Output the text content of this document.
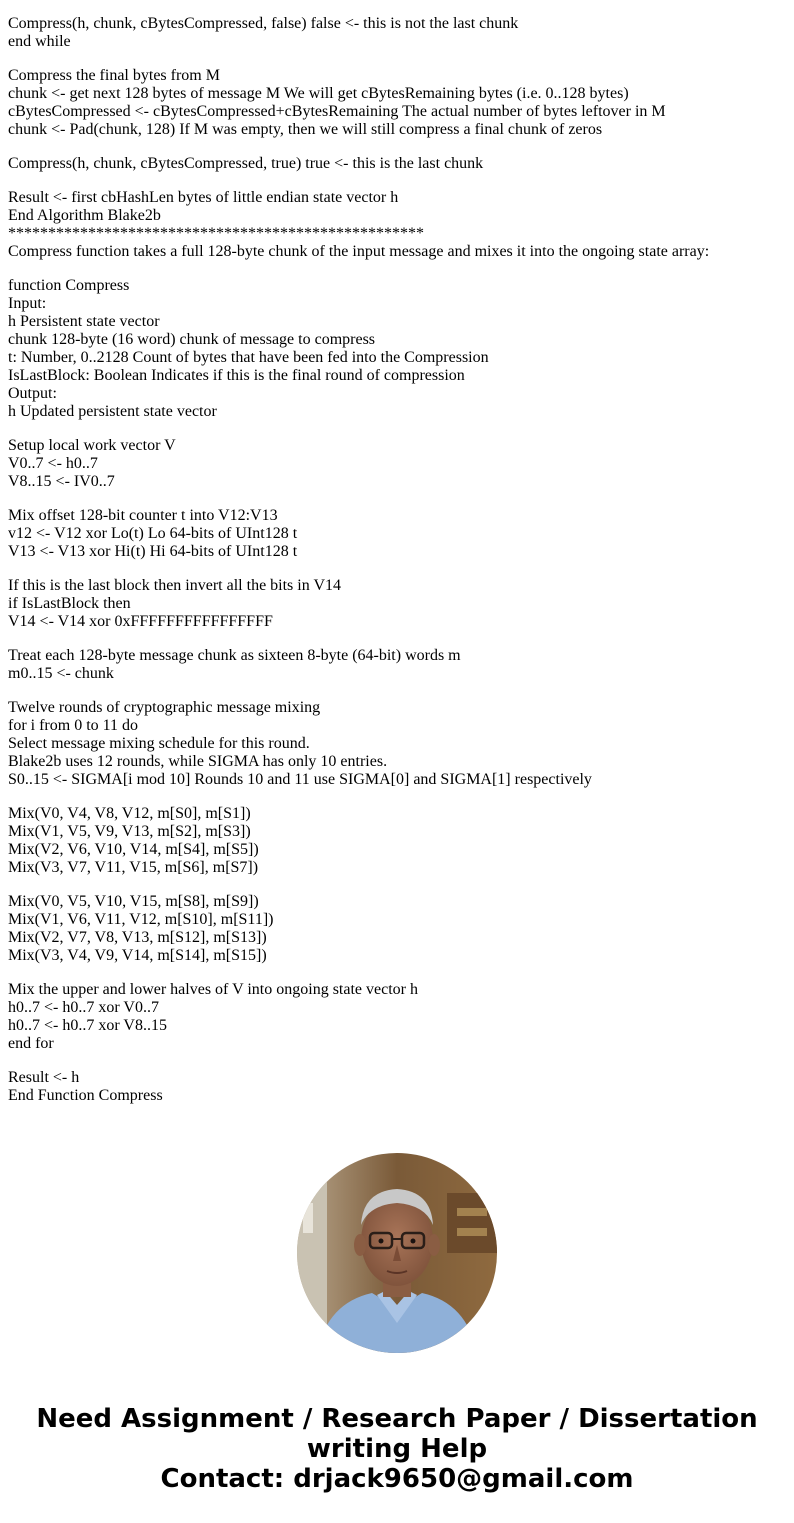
Compress(h, chunk, cBytesCompressed, false) false <- this is not the last chunk
end while
Compress the final bytes from M
chunk <- get next 128 bytes of message M We will get cBytesRemaining bytes (i.e. 0..128 bytes)
cBytesCompressed <- cBytesCompressed+cBytesRemaining The actual number of bytes leftover in M
chunk <- Pad(chunk, 128) If M was empty, then we will still compress a final chunk of zeros
Compress(h, chunk, cBytesCompressed, true) true <- this is the last chunk
Result <- first cbHashLen bytes of little endian state vector h
End Algorithm Blake2b
****************************************************
Compress function takes a full 128-byte chunk of the input message and mixes it into the ongoing state array:
function Compress
Input:
h Persistent state vector
chunk 128-byte (16 word) chunk of message to compress
t: Number, 0..2128 Count of bytes that have been fed into the Compression
IsLastBlock: Boolean Indicates if this is the final round of compression
Output:
h Updated persistent state vector
Setup local work vector V
V0..7 <- h0..7
V8..15 <- IV0..7
Mix offset 128-bit counter t into V12:V13
v12 <- V12 xor Lo(t) Lo 64-bits of UInt128 t
V13 <- V13 xor Hi(t) Hi 64-bits of UInt128 t
If this is the last block then invert all the bits in V14
if IsLastBlock then
V14 <- V14 xor 0xFFFFFFFFFFFFFFFF
Treat each 128-byte message chunk as sixteen 8-byte (64-bit) words m
m0..15 <- chunk
Twelve rounds of cryptographic message mixing
for i from 0 to 11 do
Select message mixing schedule for this round.
Blake2b uses 12 rounds, while SIGMA has only 10 entries.
S0..15 <- SIGMA[i mod 10] Rounds 10 and 11 use SIGMA[0] and SIGMA[1] respectively
Mix(V0, V4, V8, V12, m[S0], m[S1])
Mix(V1, V5, V9, V13, m[S2], m[S3])
Mix(V2, V6, V10, V14, m[S4], m[S5])
Mix(V3, V7, V11, V15, m[S6], m[S7])
Mix(V0, V5, V10, V15, m[S8], m[S9])
Mix(V1, V6, V11, V12, m[S10], m[S11])
Mix(V2, V7, V8, V13, m[S12], m[S13])
Mix(V3, V4, V9, V14, m[S14], m[S15])
Mix the upper and lower halves of V into ongoing state vector h
h0..7 <- h0..7 xor V0..7
h0..7 <- h0..7 xor V8..15
end for
Result <- h
End Function Compress
Need Assignment / Research Paper / Dissertation
writing Help
Contact: drjack9650@gmail.com
